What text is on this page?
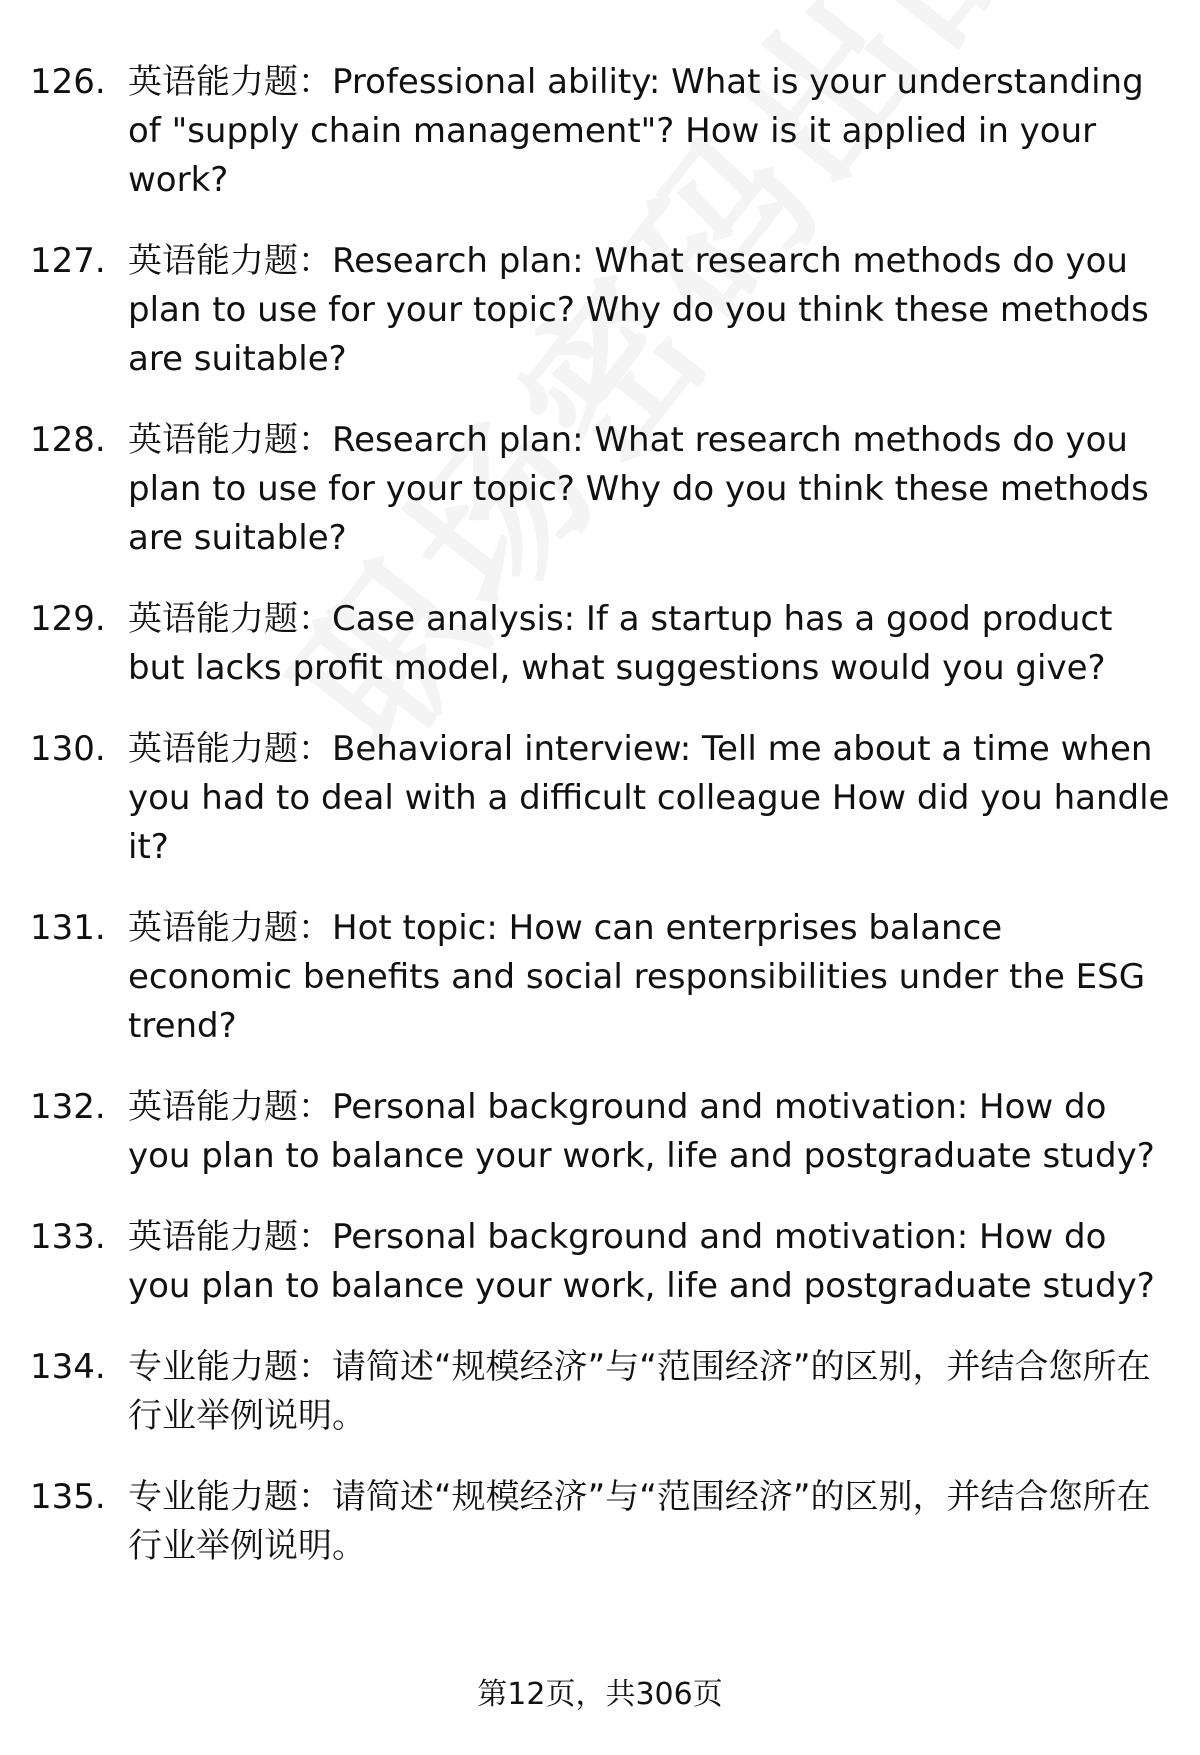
126. 英语能力题：Professional ability: What is your understanding of "supply chain management"? How is it applied in your work?
127. 英语能力题：Research plan: What research methods do you plan to use for your topic? Why do you think these methods are suitable?
128. 英语能力题：Research plan: What research methods do you plan to use for your topic? Why do you think these methods are suitable?
129. 英语能力题：Case analysis: If a startup has a good product but lacks profit model, what suggestions would you give?
130. 英语能力题：Behavioral interview: Tell me about a time when you had to deal with a difficult colleague How did you handle it?
131. 英语能力题：Hot topic: How can enterprises balance economic benefits and social responsibilities under the ESG trend?
132. 英语能力题：Personal background and motivation: How do you plan to balance your work, life and postgraduate study?
133. 英语能力题：Personal background and motivation: How do you plan to balance your work, life and postgraduate study?
134. 专业能力题：请简述“规模经济”与“范围经济”的区别，并结合您所在行业举例说明。
135. 专业能力题：请简述“规模经济”与“范围经济”的区别，并结合您所在行业举例说明。
第12页，共306页
